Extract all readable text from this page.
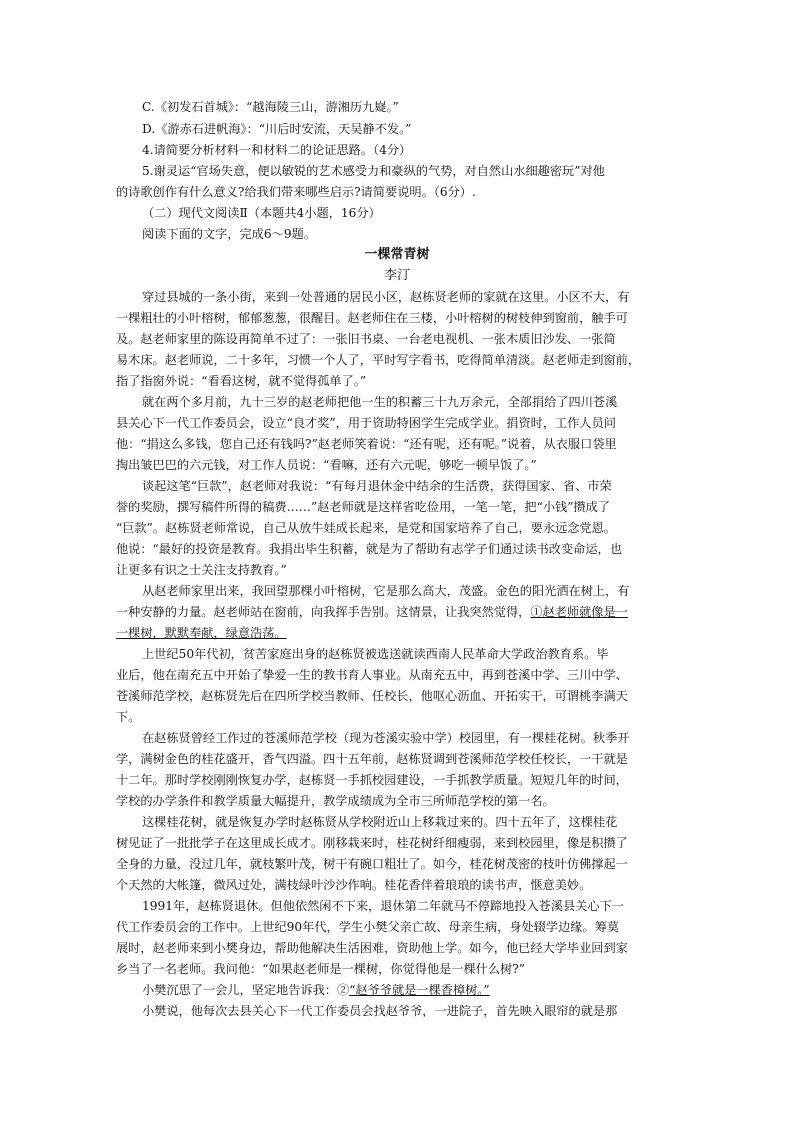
C.《初发石首城》：“越海陵三山，游湘历九嶷。”
D.《游赤石进帆海》：“川后时安流，天吴静不发。”
4.请简要分析材料一和材料二的论证思路。（4分）
5.谢灵运“官场失意，便以敏锐的艺术感受力和豪纵的气势，对自然山水细趣密玩”对他
的诗歌创作有什么意义?给我们带来哪些启示?请简要说明。（6分）.
（二）现代文阅读Ⅱ（本题共4小题，16分）
阅读下面的文字，完成6～9题。
一棵常青树
李汀
穿过县城的一条小街，来到一处普通的居民小区，赵栋贤老师的家就在这里。小区不大，有
一棵粗壮的小叶榕树，郁郁葱葱，很醒目。赵老师住在三楼，小叶榕树的树枝伸到窗前，触手可
及。赵老师家里的陈设再简单不过了：一张旧书桌、一台老电视机、一张木质旧沙发、一张简
易木床。赵老师说，二十多年，习惯一个人了，平时写字看书，吃得简单清淡。赵老师走到窗前，
指了指窗外说：“看看这树，就不觉得孤单了。”
就在两个多月前，九十三岁的赵老师把他一生的积蓄三十九万余元，全部捐给了四川苍溪
县关心下一代工作委员会，设立“良才奖”，用于资助特困学生完成学业。捐资时，工作人员问
他：“捐这么多钱，您自己还有钱吗?”赵老师笑着说：“还有呢，还有呢。”说着，从衣服口袋里
掏出皱巴巴的六元钱，对工作人员说：“看嘛，还有六元呢，够吃一顿早饭了。”
谈起这笔“巨款”，赵老师对我说：“有每月退休金中结余的生活费，获得国家、省、市荣
誉的奖励，撰写稿件所得的稿费……”赵老师就是这样省吃俭用，一笔一笔，把“小钱”攒成了
“巨款”。赵栋贤老师常说，自己从放牛娃成长起来，是党和国家培养了自己，要永远念党恩。
他说：“最好的投资是教育。我捐出毕生积蓄，就是为了帮助有志学子们通过读书改变命运，也
让更多有识之士关注支持教育。”
从赵老师家里出来，我回望那棵小叶榕树，它是那么高大，茂盛。金色的阳光洒在树上，有
一种安静的力量。赵老师站在窗前，向我挥手告别。这情景，让我突然觉得，①赵老师就像是一
一棵树，默默奉献，绿意浩荡。
上世纪50年代初，贫苦家庭出身的赵栋贤被选送就读西南人民革命大学政治教育系。毕
业后，他在南充五中开始了挚爱一生的教书育人事业。从南充五中，再到苍溪中学、三川中学、
苍溪师范学校，赵栋贤先后在四所学校当教师、任校长，他呕心沥血、开拓实干，可谓桃李满天
下。
在赵栋贤曾经工作过的苍溪师范学校（现为苍溪实验中学）校园里，有一棵桂花树。秋季开
学，满树金色的桂花盛开，香气四溢。四十五年前，赵栋贤调到苍溪师范学校任校长，一干就是
十二年。那时学校刚刚恢复办学，赵栋贤一手抓校园建设，一手抓教学质量。短短几年的时间，
学校的办学条件和教学质量大幅提升，教学成绩成为全市三所师范学校的第一名。
这棵桂花树，就是恢复办学时赵栋贤从学校附近山上移栽过来的。四十五年了，这棵桂花
树见证了一批批学子在这里成长成才。刚移栽来时，桂花树纤细瘦弱，来到校园里，像是积攒了
全身的力量，没过几年，就枝繁叶茂，树干有碗口粗壮了。如今，桂花树茂密的枝叶仿佛撑起一
个天然的大帐篷，微风过处，满枝绿叶沙沙作响。桂花香伴着琅琅的读书声，惬意美妙。
1991年，赵栋贤退休。但他依然闲不下来，退休第二年就马不停蹄地投入苍溪县关心下一
代工作委员会的工作中。上世纪90年代，学生小樊父亲亡故、母亲生病，身处辍学边缘。筹莫
展时，赵老师来到小樊身边，帮助他解决生活困难，资助他上学。如今，他已经大学毕业回到家
乡当了一名老师。我问他：“如果赵老师是一棵树，你觉得他是一棵什么树?”
小樊沉思了一会儿，坚定地告诉我：②“赵爷爷就是一棵香樟树。”
小樊说，他每次去县关心下一代工作委员会找赵爷爷，一进院子，首先映入眼帘的就是那
